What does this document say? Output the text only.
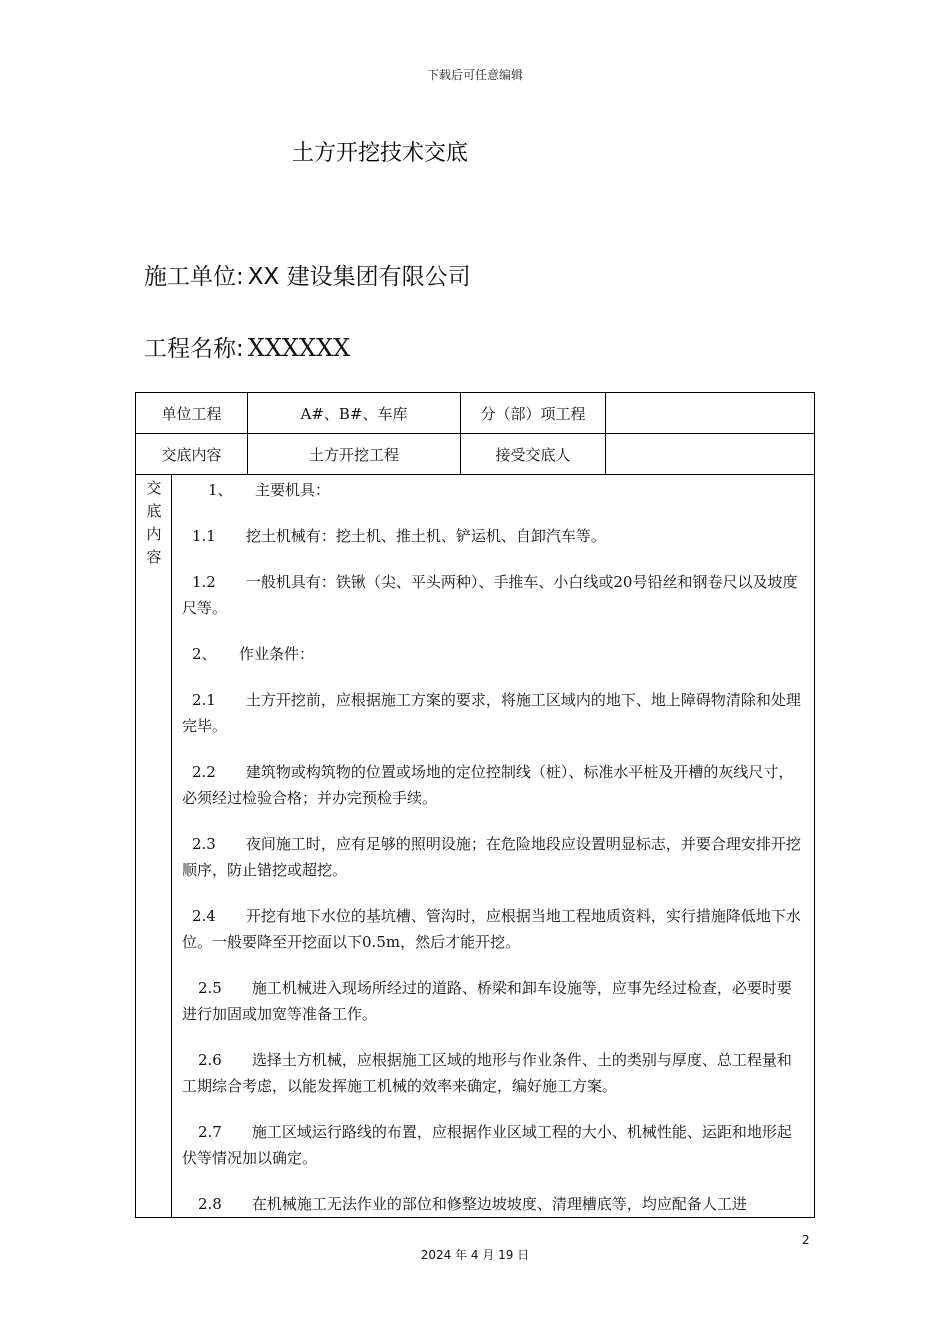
下载后可任意编辑
土方开挖技术交底
施工单位: XX 建设集团有限公司
工程名称: XXXXXX
单位工程	A#、B#、车库	分（部）项工程
交底内容	土方开挖工程	接受交底人
交
底
内
容
1、　　主要机具：
1.1　　挖土机械有：挖土机、推土机、铲运机、自卸汽车等。
1.2　　一般机具有：铁锹（尖、平头两种）、手推车、小白线或20号铅丝和钢卷尺以及坡度尺等。
2、　　作业条件：
2.1　　土方开挖前，应根据施工方案的要求，将施工区域内的地下、地上障碍物清除和处理完毕。
2.2　　建筑物或构筑物的位置或场地的定位控制线（桩）、标准水平桩及开槽的灰线尺寸，必须经过检验合格；并办完预检手续。
2.3　　夜间施工时，应有足够的照明设施；在危险地段应设置明显标志，并要合理安排开挖顺序，防止错挖或超挖。
2.4　　开挖有地下水位的基坑槽、管沟时，应根据当地工程地质资料，实行措施降低地下水位。一般要降至开挖面以下0.5m，然后才能开挖。
2.5　　施工机械进入现场所经过的道路、桥梁和卸车设施等，应事先经过检查，必要时要进行加固或加宽等准备工作。
2.6　　选择土方机械，应根据施工区域的地形与作业条件、土的类别与厚度、总工程量和工期综合考虑，以能发挥施工机械的效率来确定，编好施工方案。
2.7　　施工区域运行路线的布置，应根据作业区域工程的大小、机械性能、运距和地形起伏等情况加以确定。
2.8　　在机械施工无法作业的部位和修整边坡坡度、清理槽底等，均应配备人工进
2
2024 年 4 月 19 日
